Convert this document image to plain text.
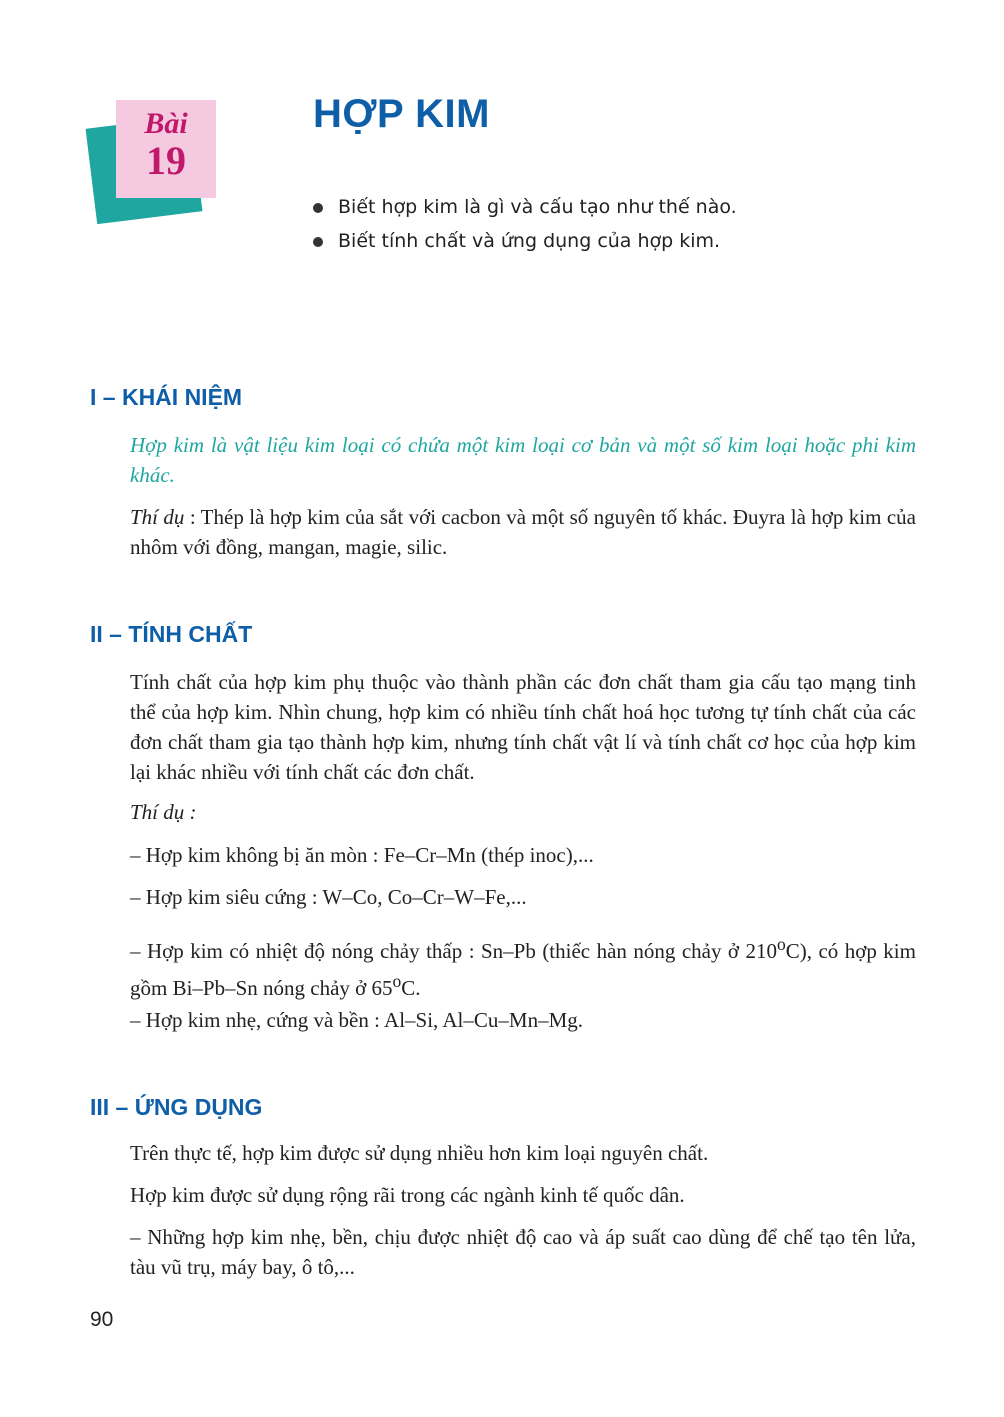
Bài
19
HỢP KIM
Biết hợp kim là gì và cấu tạo như thế nào.
Biết tính chất và ứng dụng của hợp kim.
I – KHÁI NIỆM

Hợp kim là vật liệu kim loại có chứa một kim loại cơ bản và một số kim loại hoặc phi kim khác.

Thí dụ : Thép là hợp kim của sắt với cacbon và một số nguyên tố khác. Đuyra là hợp kim của nhôm với đồng, mangan, magie, silic.

II – TÍNH CHẤT

Tính chất của hợp kim phụ thuộc vào thành phần các đơn chất tham gia cấu tạo mạng tinh thể của hợp kim. Nhìn chung, hợp kim có nhiều tính chất hoá học tương tự tính chất của các đơn chất tham gia tạo thành hợp kim, nhưng tính chất vật lí và tính chất cơ học của hợp kim lại khác nhiều với tính chất các đơn chất.

Thí dụ :

– Hợp kim không bị ăn mòn : Fe–Cr–Mn (thép inoc),...

– Hợp kim siêu cứng : W–Co, Co–Cr–W–Fe,...

– Hợp kim có nhiệt độ nóng chảy thấp : Sn–Pb (thiếc hàn nóng chảy ở 210$^o$C), có hợp kim gồm Bi–Pb–Sn nóng chảy ở 65$^o$C.

– Hợp kim nhẹ, cứng và bền : Al–Si, Al–Cu–Mn–Mg.

III – ỨNG DỤNG

Trên thực tế, hợp kim được sử dụng nhiều hơn kim loại nguyên chất.

Hợp kim được sử dụng rộng rãi trong các ngành kinh tế quốc dân.

– Những hợp kim nhẹ, bền, chịu được nhiệt độ cao và áp suất cao dùng để chế tạo tên lửa, tàu vũ trụ, máy bay, ô tô,...

90
